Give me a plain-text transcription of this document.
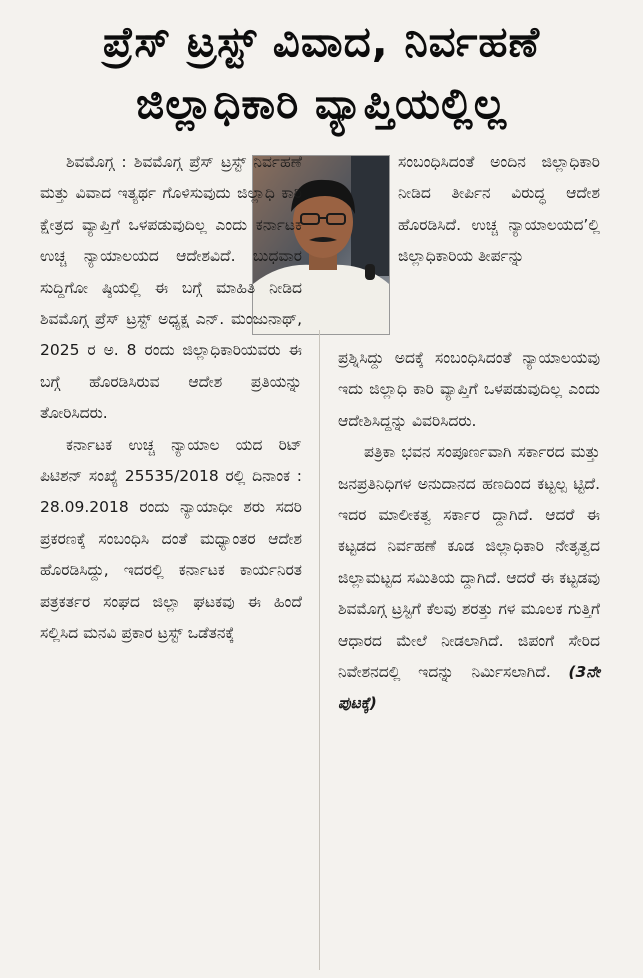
ಪ್ರೆಸ್ ಟ್ರಸ್ಟ್ ವಿವಾದ, ನಿರ್ವಹಣೆ
ಜಿಲ್ಲಾಧಿಕಾರಿ ವ್ಯಾಪ್ತಿಯಲ್ಲಿಲ್ಲ

ಶಿವಮೊಗ್ಗ : ಶಿವಮೊಗ್ಗ ಪ್ರೆಸ್ ಟ್ರಸ್ಟ್ ನಿರ್ವಹಣೆ ಮತ್ತು ವಿವಾದ ಇತ್ಯರ್ಥ ಗೊಳಿಸುವುದು ಜಿಲ್ಲಾಧಿ ಕಾರಿ ಕ್ಷೇತ್ರದ ವ್ಯಾಪ್ತಿಗೆ ಒಳಪಡುವುದಿಲ್ಲ ಎಂದು ಕರ್ನಾಟಕ ಉಚ್ಚ ನ್ಯಾಯಾಲಯದ ಆದೇಶವಿದೆ. ಬುಧವಾರ ಸುದ್ದಿಗೋ ಷ್ಠಿಯಲ್ಲಿ ಈ ಬಗ್ಗೆ ಮಾಹಿತಿ ನೀಡಿದ ಶಿವಮೊಗ್ಗ ಪ್ರೆಸ್ ಟ್ರಸ್ಟ್ ಅಧ್ಯಕ್ಷ ಎನ್. ಮಂಜುನಾಥ್, 2025 ರ ಅ. 8 ರಂದು ಜಿಲ್ಲಾಧಿಕಾರಿಯವರು ಈ ಬಗ್ಗೆ ಹೊರಡಿಸಿರುವ ಆದೇಶ ಪ್ರತಿಯನ್ನು ತೋರಿಸಿದರು.

ಕರ್ನಾಟಕ ಉಚ್ಚ ನ್ಯಾಯಾಲ ಯದ ರಿಟ್ ಪಿಟಿಶನ್ ಸಂಖ್ಯೆ 25535/2018 ರಲ್ಲಿ ದಿನಾಂಕ : 28.09.2018 ರಂದು ನ್ಯಾಯಾಧೀ ಶರು ಸದರಿ ಪ್ರಕರಣಕ್ಕೆ ಸಂಬಂಧಿಸಿ ದಂತೆ ಮಧ್ಯಾಂತರ ಆದೇಶ ಹೊರಡಿಸಿದ್ದು, ಇದರಲ್ಲಿ ಕರ್ನಾಟಕ ಕಾರ್ಯನಿರತ ಪತ್ರಕರ್ತರ ಸಂಘದ ಜಿಲ್ಲಾ ಘಟಕವು ಈ ಹಿಂದೆ ಸಲ್ಲಿಸಿದ ಮನವಿ ಪ್ರಕಾರ ಟ್ರಸ್ಟ್ ಒಡೆತನಕ್ಕೆ

ಸಂಬಂಧಿಸಿದಂತೆ ಅಂದಿನ ಜಿಲ್ಲಾಧಿಕಾರಿ ನೀಡಿದ ತೀರ್ಪಿನ ವಿರುದ್ಧ ಆದೇಶ ಹೊರಡಿಸಿದೆ. ಉಚ್ಚ ನ್ಯಾಯಾಲಯದ’ಲ್ಲಿ ಜಿಲ್ಲಾಧಿಕಾರಿಯ ತೀರ್ಪನ್ನು

ಪ್ರಶ್ನಿಸಿದ್ದು ಅದಕ್ಕೆ ಸಂಬಂಧಿಸಿದಂತೆ ನ್ಯಾಯಾಲಯವು ಇದು ಜಿಲ್ಲಾಧಿ ಕಾರಿ ವ್ಯಾಪ್ತಿಗೆ ಒಳಪಡುವುದಿಲ್ಲ ಎಂದು ಆದೇಶಿಸಿದ್ದನ್ನು ವಿವರಿಸಿದರು.

ಪತ್ರಿಕಾ ಭವನ ಸಂಪೂರ್ಣವಾಗಿ ಸರ್ಕಾರದ ಮತ್ತು ಜನಪ್ರತಿನಿಧಿಗಳ ಅನುದಾನದ ಹಣದಿಂದ ಕಟ್ಟಲ್ಪ ಟ್ಟಿದೆ. ಇದರ ಮಾಲೀಕತ್ವ ಸರ್ಕಾರ ದ್ದಾಗಿದೆ. ಆದರೆ ಈ ಕಟ್ಟಡದ ನಿರ್ವಹಣೆ ಕೂಡ ಜಿಲ್ಲಾಧಿಕಾರಿ ನೇತೃತ್ವದ ಜಿಲ್ಲಾಮಟ್ಟದ ಸಮಿತಿಯ ದ್ದಾಗಿದೆ. ಆದರೆ ಈ ಕಟ್ಟಡವು ಶಿವಮೊಗ್ಗ ಟ್ರಸ್ಟಿಗೆ ಕೆಲವು ಶರತ್ತು ಗಳ ಮೂಲಕ ಗುತ್ತಿಗೆ ಆಧಾರದ ಮೇಲೆ ನೀಡಲಾಗಿದೆ. ಜಿಪಂಗೆ ಸೇರಿದ ನಿವೇಶನದಲ್ಲಿ ಇದನ್ನು ನಿರ್ಮಿಸಲಾಗಿದೆ. (3ನೇ ಪುಟಕ್ಕೆ)
